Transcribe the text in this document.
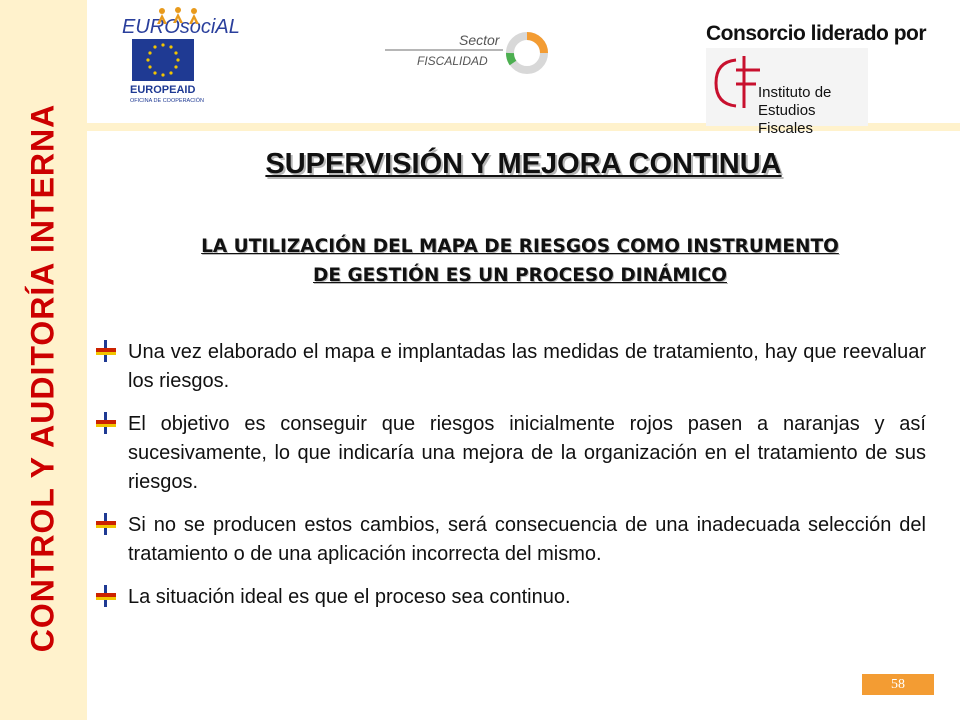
CONTROL Y AUDITORÍA INTERNA
EUROsociAL
EUROPEAID
OFICINA DE COOPERACIÓN
Sector
FISCALIDAD
Consorcio liderado por
Instituto de
Estudios Fiscales
SUPERVISIÓN Y MEJORA CONTINUA
LA UTILIZACIÓN DEL MAPA DE RIESGOS COMO INSTRUMENTO
DE GESTIÓN ES UN PROCESO DINÁMICO
Una vez elaborado el mapa e implantadas las medidas de tratamiento, hay que reevaluar los riesgos.
El objetivo es conseguir que riesgos inicialmente rojos pasen a naranjas y así sucesivamente, lo que indicaría una mejora de la organización en el tratamiento de sus riesgos.
Si no se producen estos cambios, será consecuencia de una inadecuada selección del tratamiento o de una aplicación incorrecta del mismo.
La situación ideal es que el proceso sea continuo.
58
